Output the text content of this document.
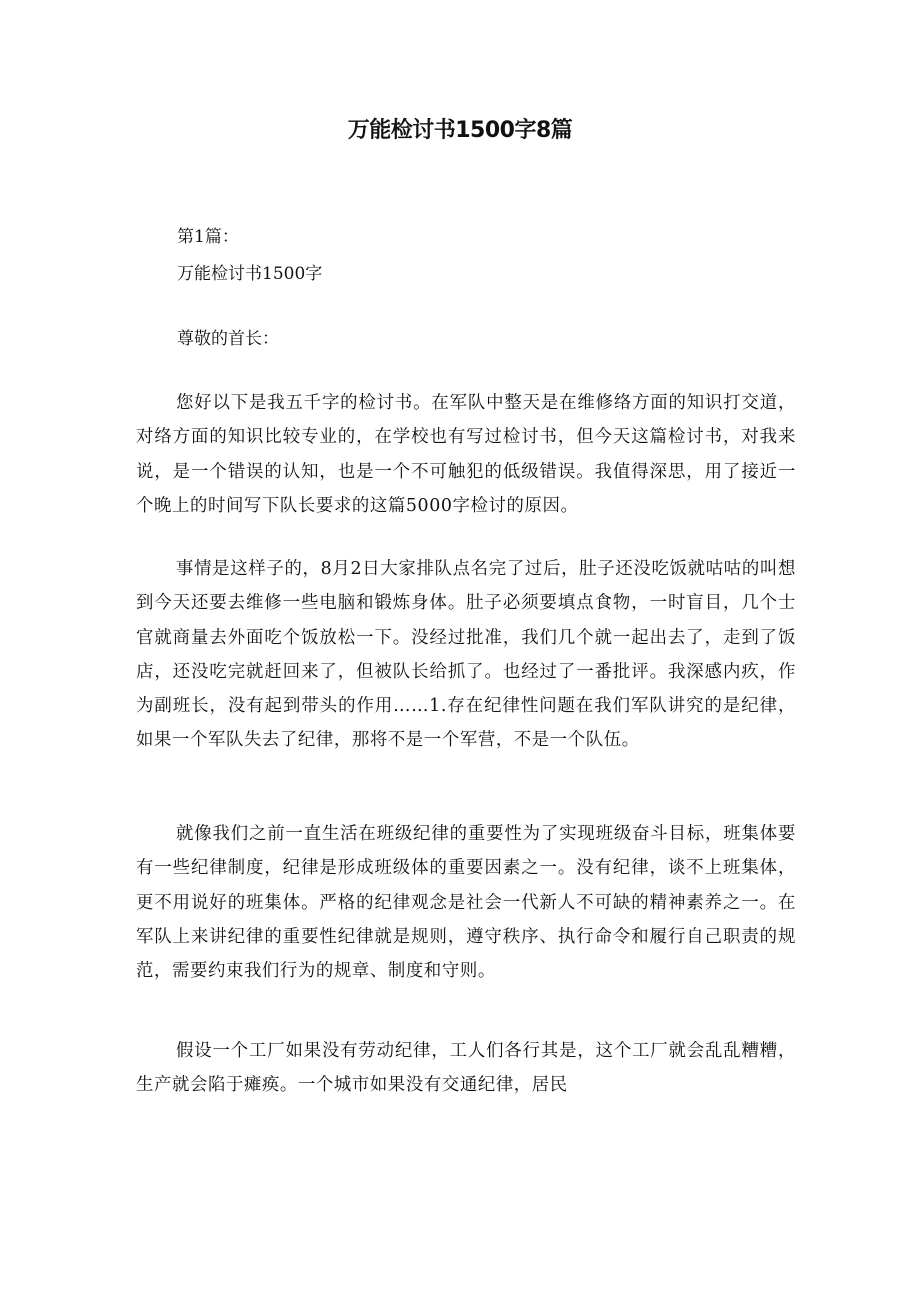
万能检讨书1500字8篇
第1篇：
万能检讨书1500字
尊敬的首长：

您好以下是我五千字的检讨书。在军队中整天是在维修络方面的知识打交道，对络方面的知识比较专业的，在学校也有写过检讨书，但今天这篇检讨书，对我来说，是一个错误的认知，也是一个不可触犯的低级错误。我值得深思，用了接近一个晚上的时间写下队长要求的这篇5000字检讨的原因。

事情是这样子的，8月2日大家排队点名完了过后，肚子还没吃饭就咕咕的叫想到今天还要去维修一些电脑和锻炼身体。肚子必须要填点食物，一时盲目，几个士官就商量去外面吃个饭放松一下。没经过批准，我们几个就一起出去了，走到了饭店，还没吃完就赶回来了，但被队长给抓了。也经过了一番批评。我深感内疚，作为副班长，没有起到带头的作用……1.存在纪律性问题在我们军队讲究的是纪律，如果一个军队失去了纪律，那将不是一个军营，不是一个队伍。

就像我们之前一直生活在班级纪律的重要性为了实现班级奋斗目标，班集体要有一些纪律制度，纪律是形成班级体的重要因素之一。没有纪律，谈不上班集体，更不用说好的班集体。严格的纪律观念是社会一代新人不可缺的精神素养之一。在军队上来讲纪律的重要性纪律就是规则，遵守秩序、执行命令和履行自己职责的规范，需要约束我们行为的规章、制度和守则。

假设一个工厂如果没有劳动纪律，工人们各行其是，这个工厂就会乱乱糟糟，生产就会陷于瘫痪。一个城市如果没有交通纪律，居民
